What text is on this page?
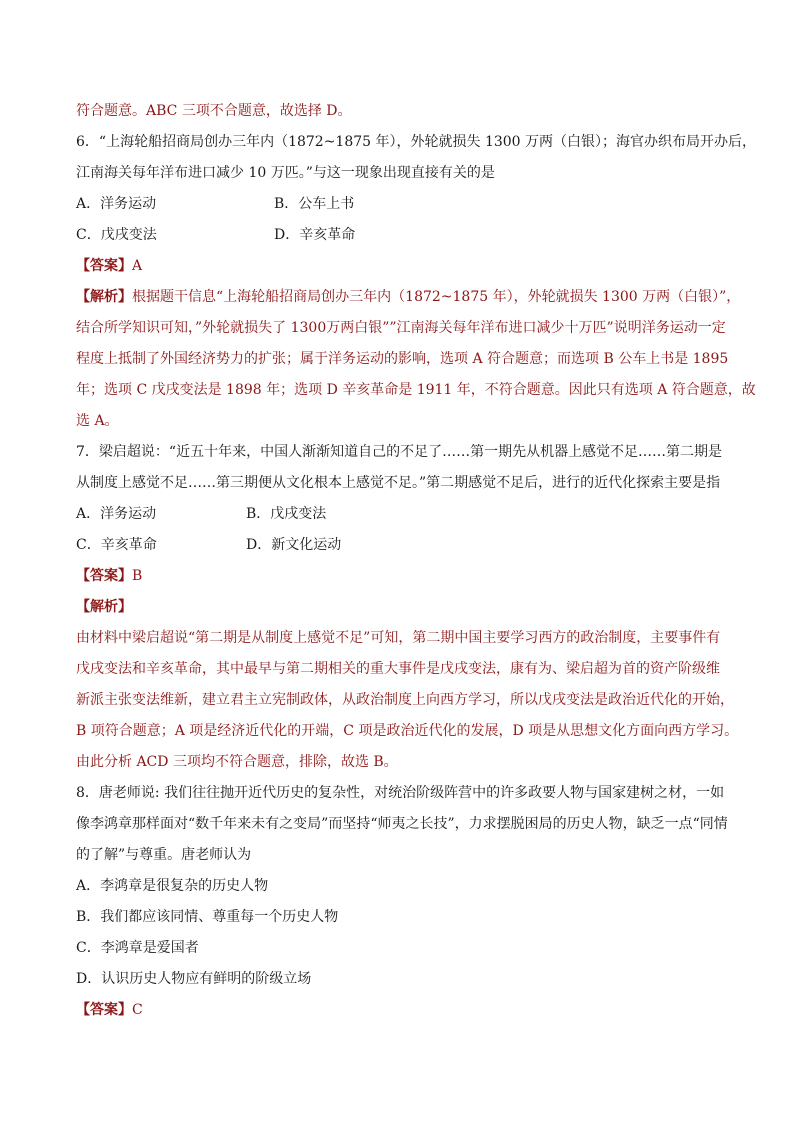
符合题意。ABC 三项不合题意，故选择 D。
6．“上海轮船招商局创办三年内（1872~1875 年），外轮就损失 1300 万两（白银）；海官办织布局开办后，
江南海关每年洋布进口减少 10 万匹。”与这一现象出现直接有关的是
A．洋务运动	B．公车上书
C．戊戌变法	D．辛亥革命
【答案】A
【解析】根据题干信息“上海轮船招商局创办三年内（1872~1875 年），外轮就损失 1300 万两（白银）”，
结合所学知识可知，”外轮就损失了 1300万两白银””江南海关每年洋布进口减少十万匹”说明洋务运动一定
程度上抵制了外国经济势力的扩张；属于洋务运动的影响，选项 A 符合题意；而选项 B 公车上书是 1895
年；选项 C 戊戌变法是 1898 年；选项 D 辛亥革命是 1911 年，不符合题意。因此只有选项 A 符合题意，故
选 A。
7．梁启超说：“近五十年来，中国人渐渐知道自己的不足了……第一期先从机器上感觉不足……第二期是
从制度上感觉不足……第三期便从文化根本上感觉不足。”第二期感觉不足后，进行的近代化探索主要是指
A．洋务运动	B．戊戌变法
C．辛亥革命	D．新文化运动
【答案】B
【解析】
由材料中梁启超说“第二期是从制度上感觉不足”可知，第二期中国主要学习西方的政治制度，主要事件有
戊戌变法和辛亥革命，其中最早与第二期相关的重大事件是戊戌变法，康有为、梁启超为首的资产阶级维
新派主张变法维新，建立君主立宪制政体，从政治制度上向西方学习，所以戊戌变法是政治近代化的开始，
B 项符合题意；A 项是经济近代化的开端，C 项是政治近代化的发展，D 项是从思想文化方面向西方学习。
由此分析 ACD 三项均不符合题意，排除，故选 B。
8．唐老师说: 我们往往抛开近代历史的复杂性，对统治阶级阵营中的许多政要人物与国家建树之材，一如
像李鸿章那样面对“数千年来未有之变局”而坚持“师夷之长技”，力求摆脱困局的历史人物，缺乏一点“同情
的了解”与尊重。唐老师认为
A．李鸿章是很复杂的历史人物
B．我们都应该同情、尊重每一个历史人物
C．李鸿章是爱国者
D．认识历史人物应有鲜明的阶级立场
【答案】C
